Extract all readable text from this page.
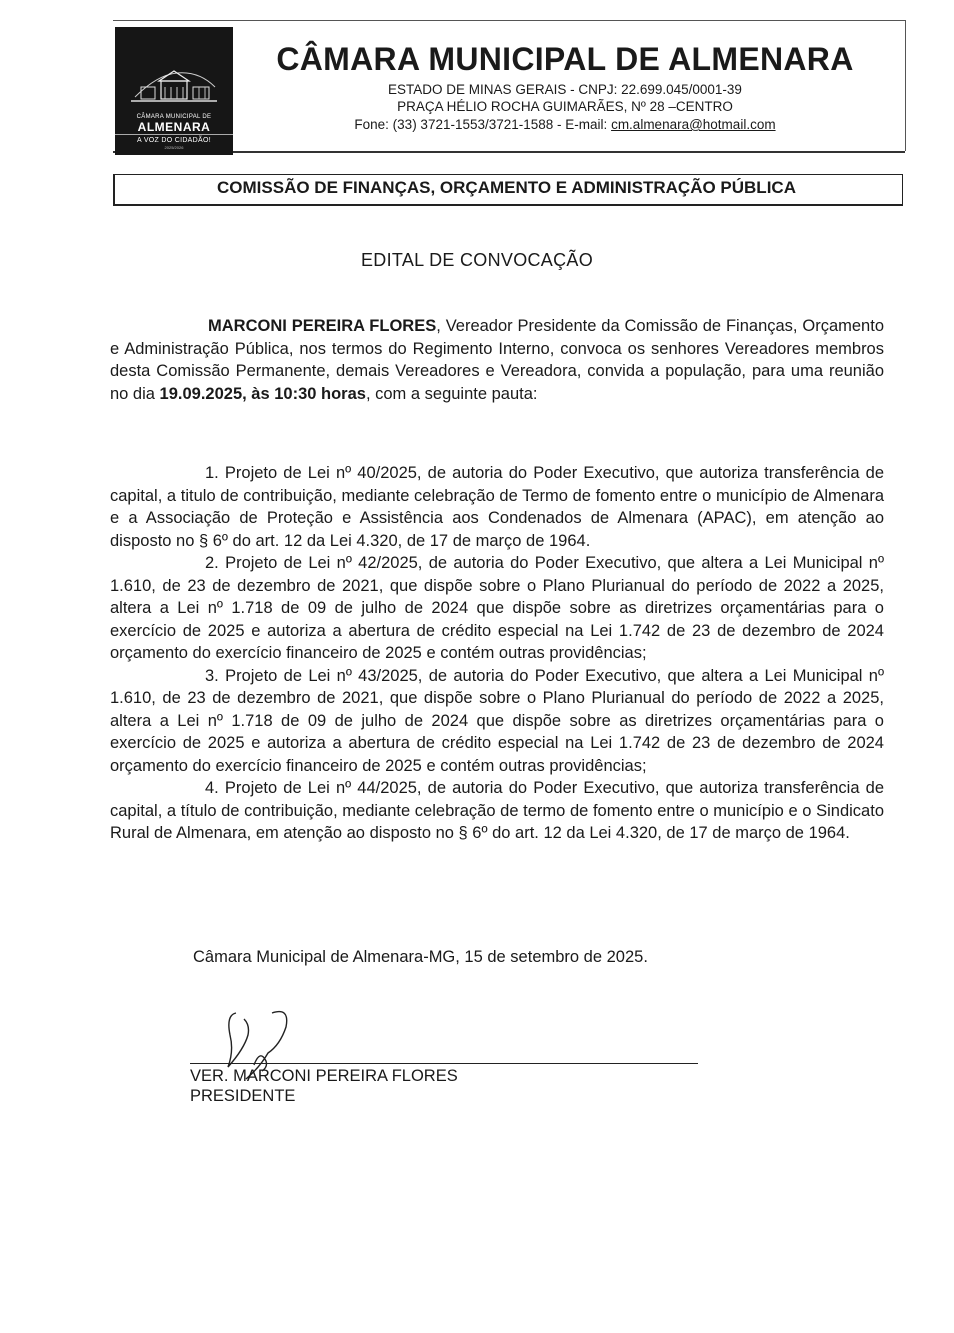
CÂMARA MUNICIPAL DE
ALMENARA
A VOZ DO CIDADÃO!
2025/2026
CÂMARA MUNICIPAL DE ALMENARA
ESTADO DE MINAS GERAIS - CNPJ: 22.699.045/0001-39
PRAÇA HÉLIO ROCHA GUIMARÃES, Nº 28 –CENTRO
Fone: (33) 3721-1553/3721-1588 - E-mail: cm.almenara@hotmail.com
COMISSÃO DE FINANÇAS, ORÇAMENTO E ADMINISTRAÇÃO PÚBLICA
EDITAL DE CONVOCAÇÃO
MARCONI PEREIRA FLORES, Vereador Presidente da Comissão de Finanças, Orçamento e Administração Pública, nos termos do Regimento Interno, convoca os senhores Vereadores membros desta Comissão Permanente, demais Vereadores e Vereadora, convida a população, para uma reunião no dia 19.09.2025, às 10:30 horas, com a seguinte pauta:

1. Projeto de Lei nº 40/2025, de autoria do Poder Executivo, que autoriza transferência de capital, a titulo de contribuição, mediante celebração de Termo de fomento entre o município de Almenara e a Associação de Proteção e Assistência aos Condenados de Almenara (APAC), em atenção ao disposto no § 6º do art. 12 da Lei 4.320, de 17 de março de 1964.

2. Projeto de Lei nº 42/2025, de autoria do Poder Executivo, que altera a Lei Municipal nº 1.610, de 23 de dezembro de 2021, que dispõe sobre o Plano Plurianual do período de 2022 a 2025, altera a Lei nº 1.718 de 09 de julho de 2024 que dispõe sobre as diretrizes orçamentárias para o exercício de 2025 e autoriza a abertura de crédito especial na Lei 1.742 de 23 de dezembro de 2024 orçamento do exercício financeiro de 2025 e contém outras providências;

3. Projeto de Lei nº 43/2025, de autoria do Poder Executivo, que altera a Lei Municipal nº 1.610, de 23 de dezembro de 2021, que dispõe sobre o Plano Plurianual do período de 2022 a 2025, altera a Lei nº 1.718 de 09 de julho de 2024 que dispõe sobre as diretrizes orçamentárias para o exercício de 2025 e autoriza a abertura de crédito especial na Lei 1.742 de 23 de dezembro de 2024 orçamento do exercício financeiro de 2025 e contém outras providências;

4. Projeto de Lei nº 44/2025, de autoria do Poder Executivo, que autoriza transferência de capital, a título de contribuição, mediante celebração de termo de fomento entre o município e o Sindicato Rural de Almenara, em atenção ao disposto no § 6º do art. 12 da Lei 4.320, de 17 de março de 1964.

Câmara Municipal de Almenara-MG, 15 de setembro de 2025.
VER. MARCONI PEREIRA FLORES
PRESIDENTE
